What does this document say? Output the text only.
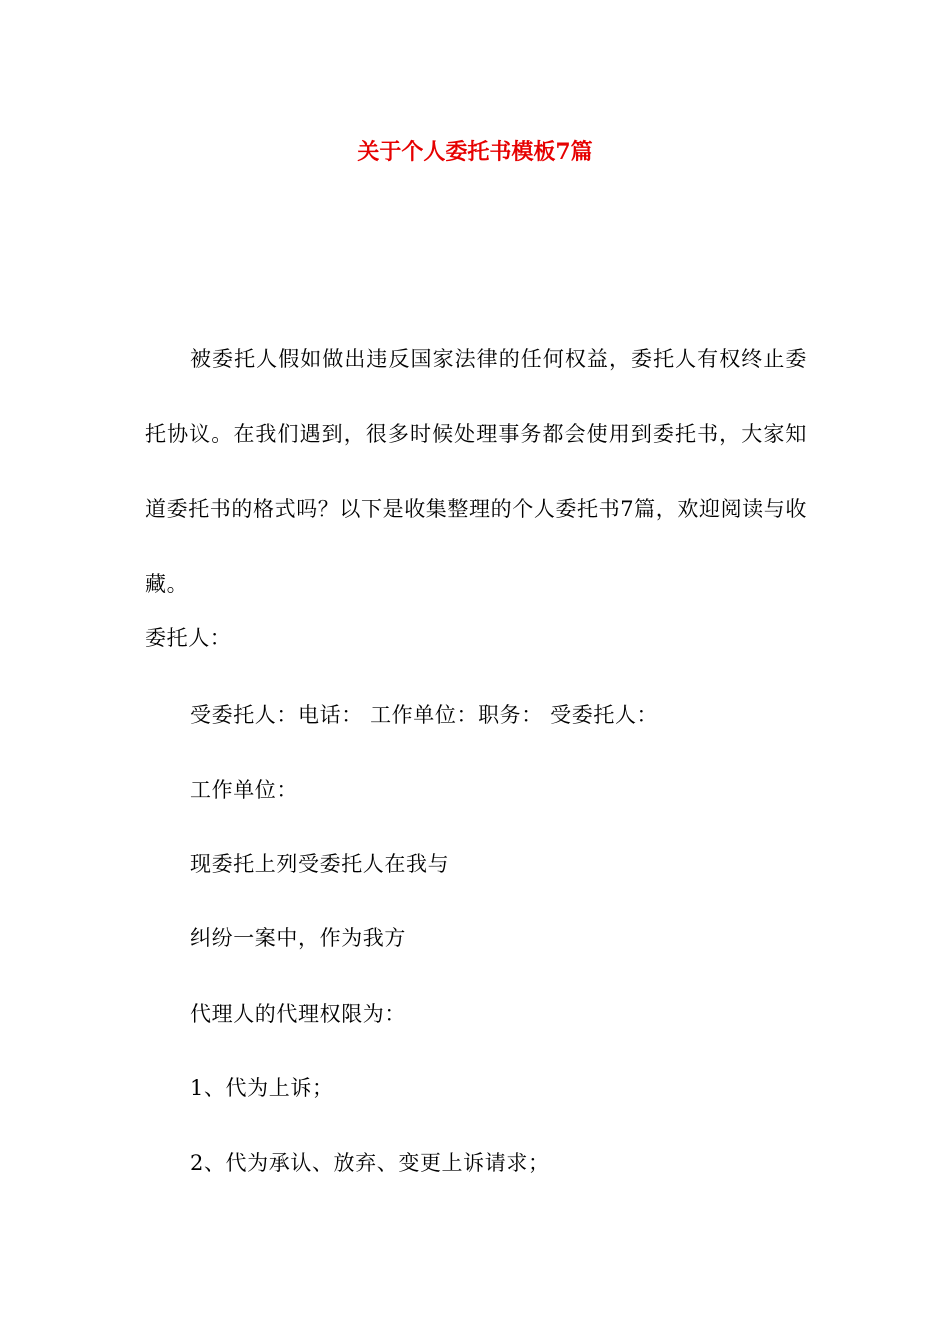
关于个人委托书模板7篇

被委托人假如做出违反国家法律的任何权益，委托人有权终止委托协议。在我们遇到，很多时候处理事务都会使用到委托书，大家知道委托书的格式吗？以下是收集整理的个人委托书7篇，欢迎阅读与收藏。

委托人：

受委托人：电话： 工作单位：职务： 受委托人：

工作单位：

现委托上列受委托人在我与

纠纷一案中，作为我方

代理人的代理权限为：

1、代为上诉；

2、代为承认、放弃、变更上诉请求；
